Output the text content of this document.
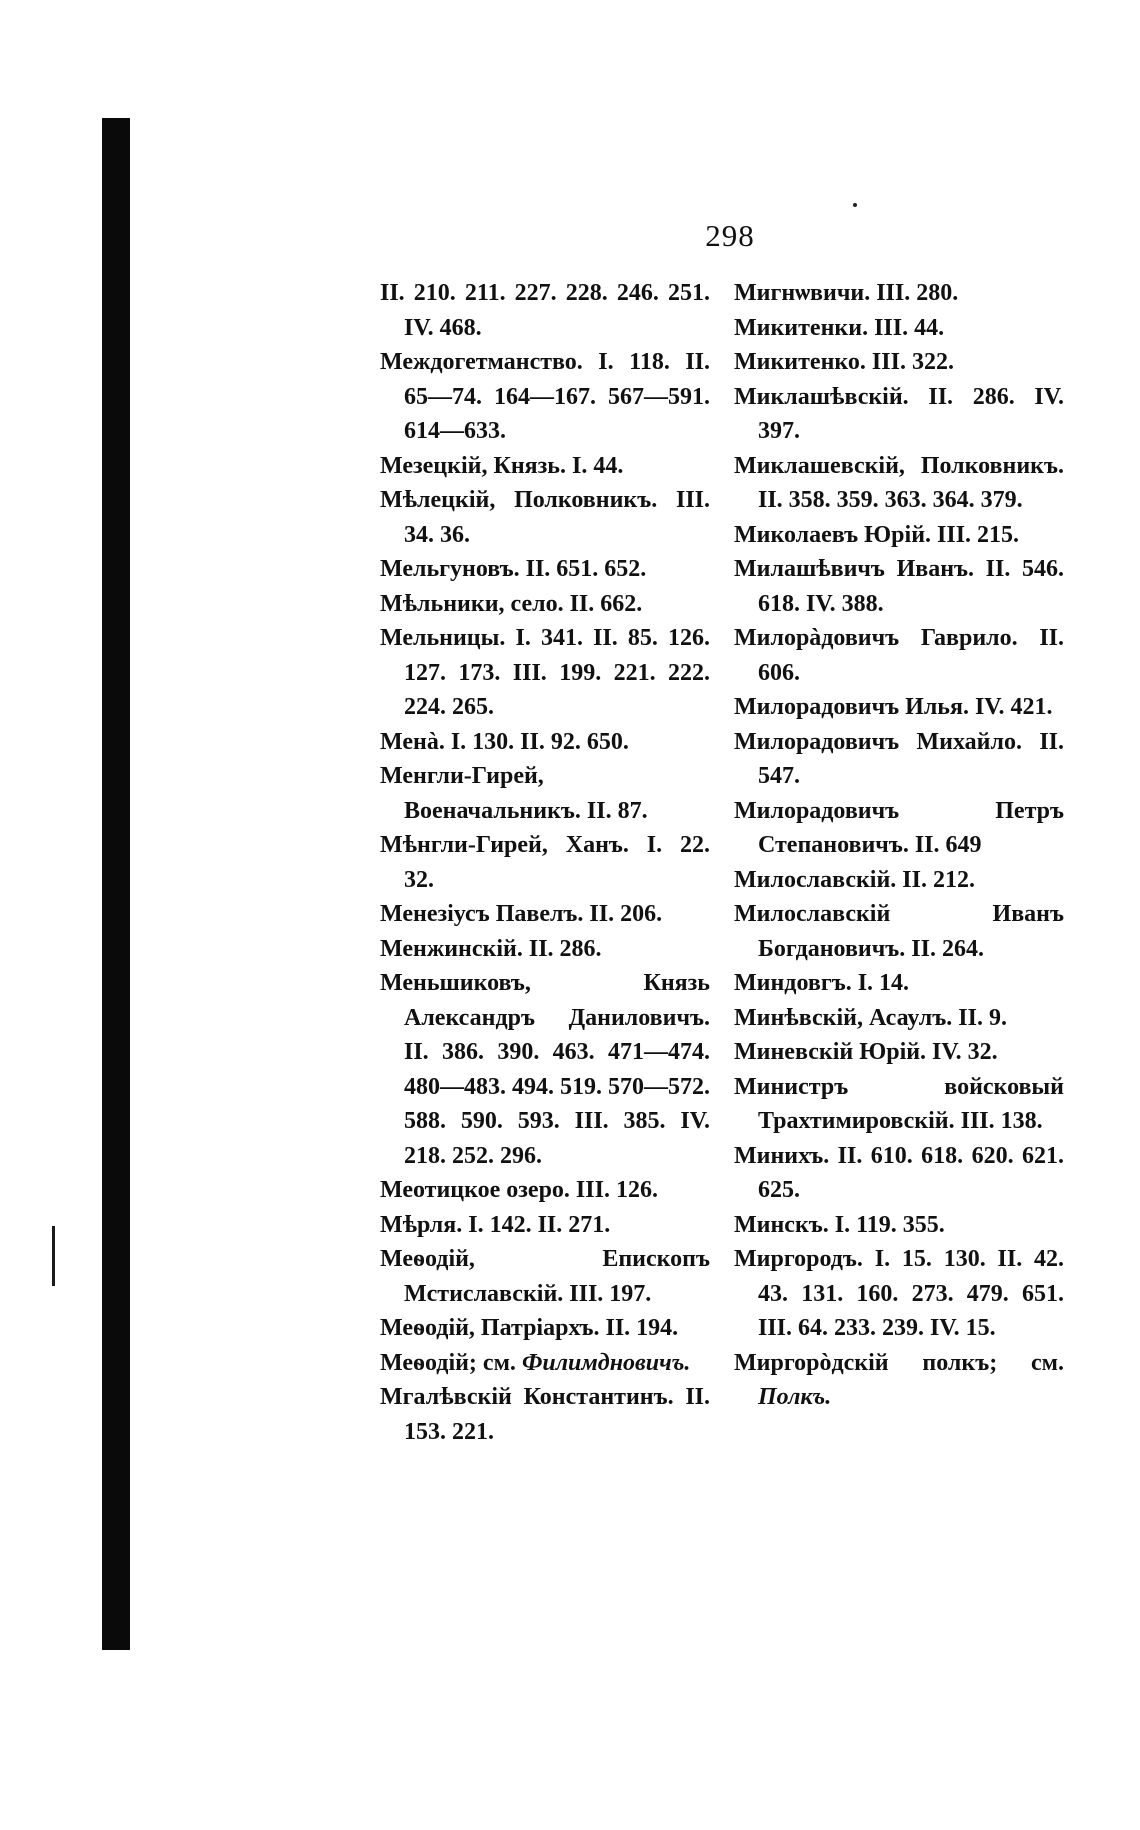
298
II. 210. 211. 227. 228. 246. 251. IV. 468.
Междогетманство. I. 118. II. 65—74. 164—167. 567—591. 614—633.
Мезецкій, Князь. I. 44.
Мѣлецкій, Полковникъ. III. 34. 36.
Мельгуновъ. II. 651. 652.
Мѣльники, село. II. 662.
Мельницы. I. 341. II. 85. 126. 127. 173. III. 199. 221. 222. 224. 265.
Менà. I. 130. II. 92. 650.
Менгли-Гирей, Военачальникъ. II. 87.
Мѣнгли-Гирей, Ханъ. I. 22. 32.
Менезіусъ Павелъ. II. 206.
Менжинскій. II. 286.
Меньшиковъ, Князь Александръ Даниловичъ. II. 386. 390. 463. 471—474. 480—483. 494. 519. 570—572. 588. 590. 593. III. 385. IV. 218. 252. 296.
Меотицкое озеро. III. 126.
Мѣрля. I. 142. II. 271.
Меѳодій, Епископъ Мстиславскій. III. 197.
Меѳодій, Патріархъ. II. 194.
Меѳодій; см. Филимдновичъ.
Мгалѣвскій Константинъ. II. 153. 221.
Мигнѡвичи. III. 280.
Микитенки. III. 44.
Микитенко. III. 322.
Миклашѣвскій. II. 286. IV. 397.
Миклашевскій, Полковникъ. II. 358. 359. 363. 364. 379.
Миколаевъ Юрій. III. 215.
Милашѣвичъ Иванъ. II. 546. 618. IV. 388.
Милорàдовичъ Гаврило. II. 606.
Милорадовичъ Илья. IV. 421.
Милорадовичъ Михайло. II. 547.
Милорадовичъ Петръ Степановичъ. II. 649
Милославскій. II. 212.
Милославскій Иванъ Богдановичъ. II. 264.
Миндовгъ. I. 14.
Минѣвскій, Асаулъ. II. 9.
Миневскій Юрій. IV. 32.
Министръ войсковый Трахтимировскій. III. 138.
Минихъ. II. 610. 618. 620. 621. 625.
Минскъ. I. 119. 355.
Миргородъ. I. 15. 130. II. 42. 43. 131. 160. 273. 479. 651. III. 64. 233. 239. IV. 15.
Миргорòдскій полкъ; см. Полкъ.
